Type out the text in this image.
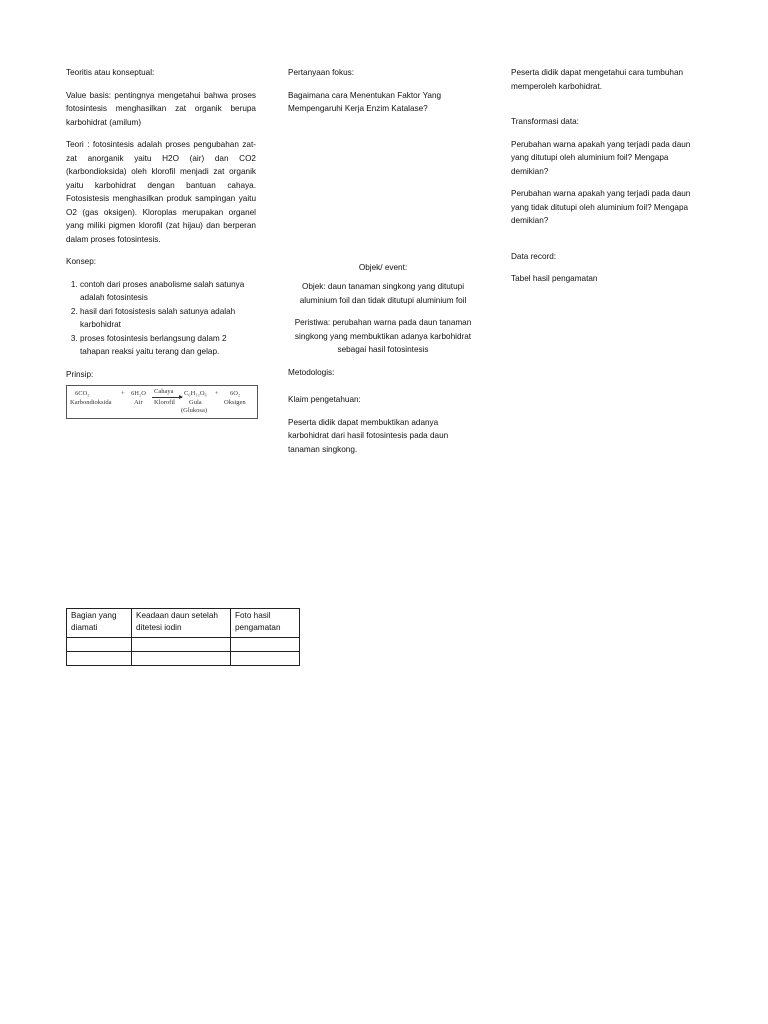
Teoritis atau konseptual:

Value basis: pentingnya mengetahui bahwa proses fotosintesis menghasilkan zat organik berupa karbohidrat (amilum)

Teori : fotosintesis adalah proses pengubahan zat-zat anorganik yaitu H2O (air) dan CO2 (karbondioksida) oleh klorofil menjadi zat organik yaitu karbohidrat dengan bantuan cahaya. Fotosistesis menghasilkan produk sampingan yaitu O2 (gas oksigen). Kloroplas merupakan organel yang miliki pigmen klorofil (zat hijau) dan berperan dalam proses fotosintesis.

Konsep:

1. contoh dari proses anabolisme salah satunya adalah fotosintesis
2. hasil dari fotosistesis salah satunya adalah karbohidrat
3. proses fotosintesis berlangsung dalam 2 tahapan reaksi yaitu terang dan gelap.

Prinsip:

6CO₂	+ 6H₂O Cahaya
Klorofil
C₆H₁₂O₆ + 6O₂
Karbondioksida	Air	Gula
(Glukosa)
Oksigen
Bagian yang diamati	Keadaan daun setelah ditetesi iodin	Foto hasil pengamatan

Pertanyaan fokus:

Bagaimana cara Menentukan Faktor Yang Mempengaruhi Kerja Enzim Katalase?

Objek/ event:

Objek: daun tanaman singkong yang ditutupi aluminium foil dan tidak ditutupi aluminium foil

Peristiwa: perubahan warna pada daun tanaman singkong yang membuktikan adanya karbohidrat sebagai hasil fotosintesis

Metodologis:

Klaim pengetahuan:

Peserta didik dapat membuktikan adanya karbohidrat dari hasil fotosintesis pada daun tanaman singkong.

Peserta didik dapat mengetahui cara tumbuhan memperoleh karbohidrat.

Transformasi data:

Perubahan warna apakah yang terjadi pada daun yang ditutupi oleh aluminium foil? Mengapa demikian?

Perubahan warna apakah yang terjadi pada daun yang tidak ditutupi oleh aluminium foil? Mengapa demikian?

Data record:

Tabel hasil pengamatan
